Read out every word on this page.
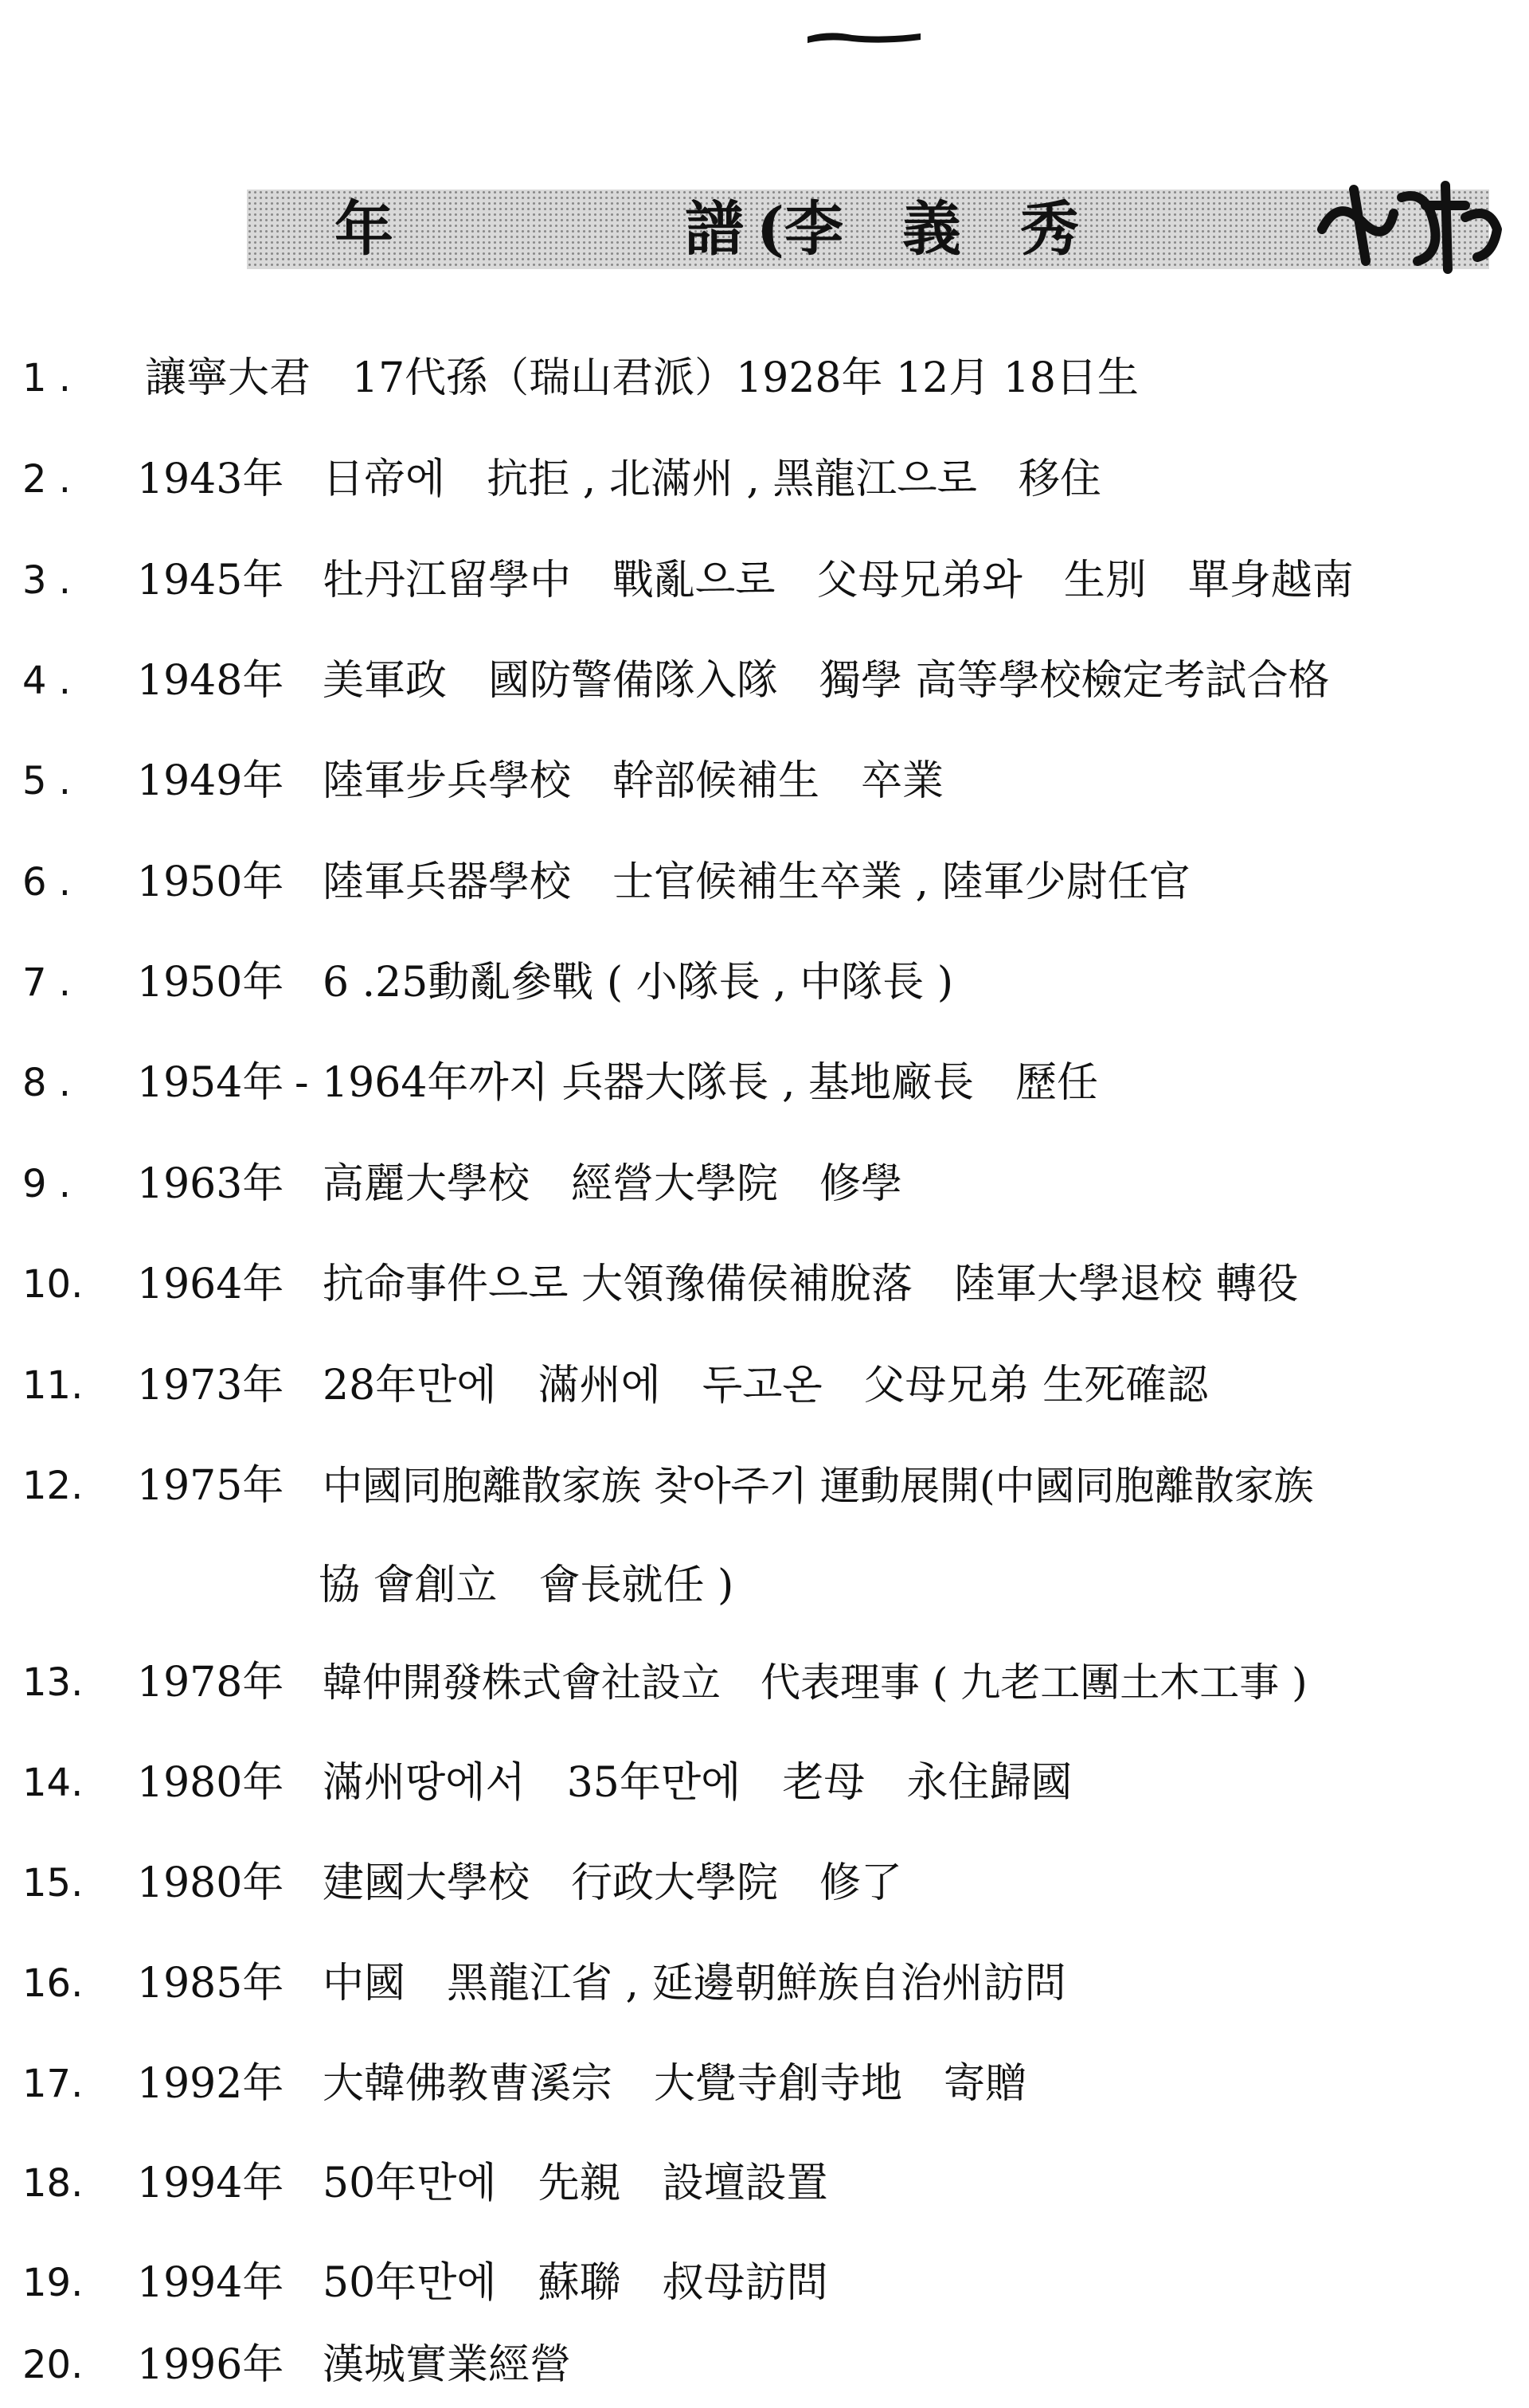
年	譜 (李　義　秀
1 . 讓寧大君　17代孫（瑞山君派）1928年 12月 18日生
2 . 1943年 日帝에　抗拒 , 北滿州 , 黑龍江으로　移住
3 . 1945年 牡丹江留學中　戰亂으로　父母兄弟와　生別　單身越南
4 . 1948年 美軍政　國防警備隊入隊　獨學 高等學校檢定考試合格
5 . 1949年 陸軍步兵學校　幹部候補生　卒業
6 . 1950年 陸軍兵器學校　士官候補生卒業 , 陸軍少尉任官
7 . 1950年 6 .25動亂參戰 ( 小隊長 , 中隊長 )
8 . 1954年 - 1964年까지 兵器大隊長 , 基地廠長　歷任
9 . 1963年 高麗大學校　經營大學院　修學
10. 1964年 抗命事件으로 大領豫備侯補脫落　陸軍大學退校 轉役
11. 1973年 28年만에　滿州에　두고온　父母兄弟 生死確認
12. 1975年 中國同胞離散家族 찾아주기 運動展開(中國同胞離散家族
協 會創立　會長就任 )
13. 1978年 韓仲開發株式會社設立　代表理事 ( 九老工團土木工事 )
14. 1980年 滿州땅에서　35年만에　老母　永住歸國
15. 1980年 建國大學校　行政大學院　修了
16. 1985年 中國　黑龍江省 , 延邊朝鮮族自治州訪問
17. 1992年 大韓佛教曹溪宗　大覺寺創寺地　寄贈
18. 1994年 50年만에　先親　設壇設置
19. 1994年 50年만에　蘇聯　叔母訪問
20. 1996年 漢城實業經營
